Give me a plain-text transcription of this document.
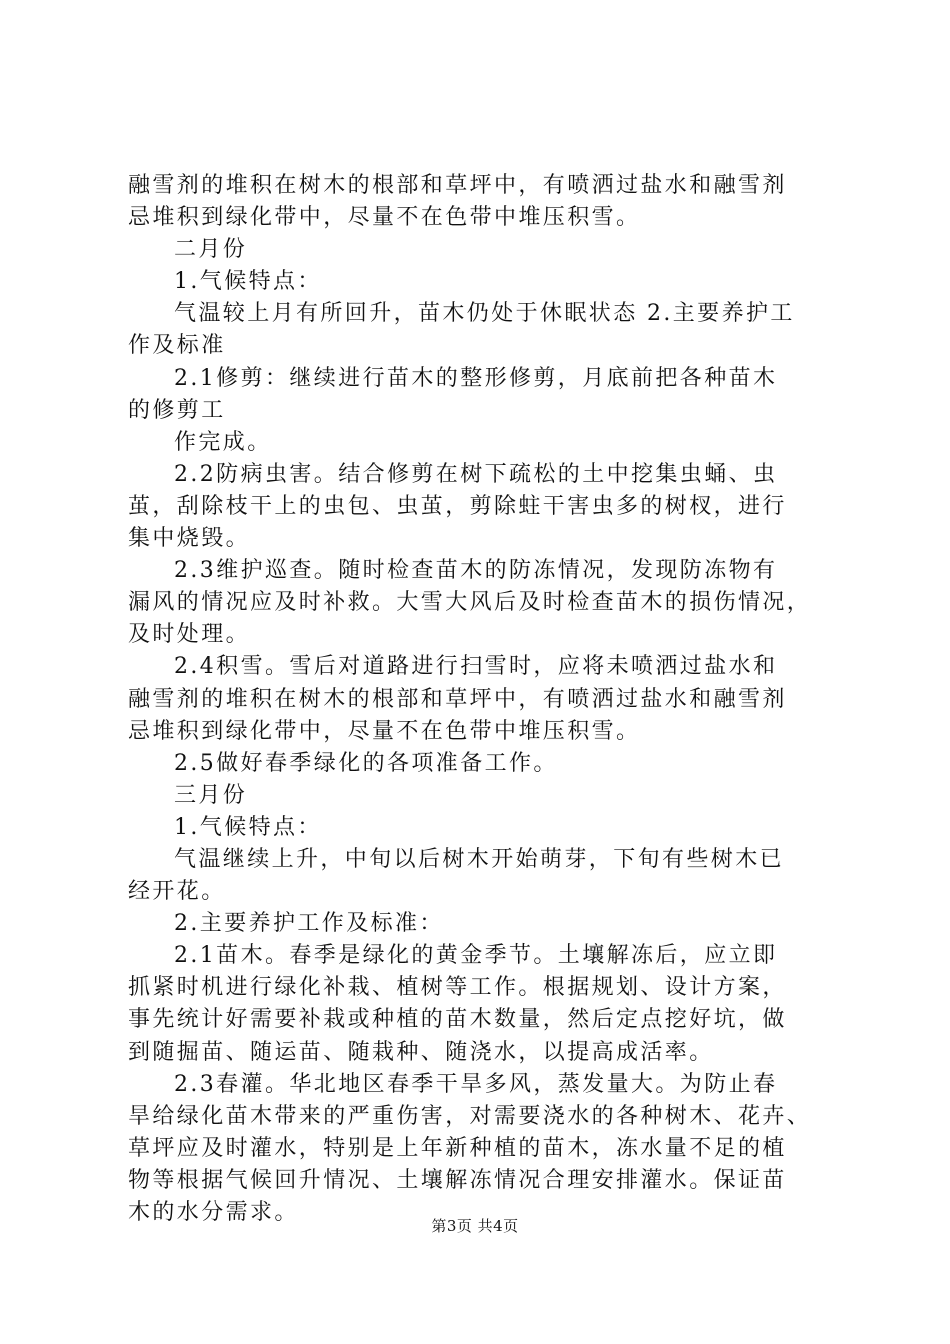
融雪剂的堆积在树木的根部和草坪中，有喷洒过盐水和融雪剂
忌堆积到绿化带中，尽量不在色带中堆压积雪。
二月份
1.气候特点：
气温较上月有所回升，苗木仍处于休眠状态 2.主要养护工
作及标准
2.1修剪：继续进行苗木的整形修剪，月底前把各种苗木
的修剪工
作完成。
2.2防病虫害。结合修剪在树下疏松的土中挖集虫蛹、虫
茧，刮除枝干上的虫包、虫茧，剪除蛀干害虫多的树杈，进行
集中烧毁。
2.3维护巡查。随时检查苗木的防冻情况，发现防冻物有
漏风的情况应及时补救。大雪大风后及时检查苗木的损伤情况，
及时处理。
2.4积雪。雪后对道路进行扫雪时，应将未喷洒过盐水和
融雪剂的堆积在树木的根部和草坪中，有喷洒过盐水和融雪剂
忌堆积到绿化带中，尽量不在色带中堆压积雪。
2.5做好春季绿化的各项准备工作。
三月份
1.气候特点：
气温继续上升，中旬以后树木开始萌芽，下旬有些树木已
经开花。
2.主要养护工作及标准：
2.1苗木。春季是绿化的黄金季节。土壤解冻后，应立即
抓紧时机进行绿化补栽、植树等工作。根据规划、设计方案，
事先统计好需要补栽或种植的苗木数量，然后定点挖好坑，做
到随掘苗、随运苗、随栽种、随浇水，以提高成活率。
2.3春灌。华北地区春季干旱多风，蒸发量大。为防止春
旱给绿化苗木带来的严重伤害，对需要浇水的各种树木、花卉、
草坪应及时灌水，特别是上年新种植的苗木，冻水量不足的植
物等根据气候回升情况、土壤解冻情况合理安排灌水。保证苗
木的水分需求。
第3页 共4页
